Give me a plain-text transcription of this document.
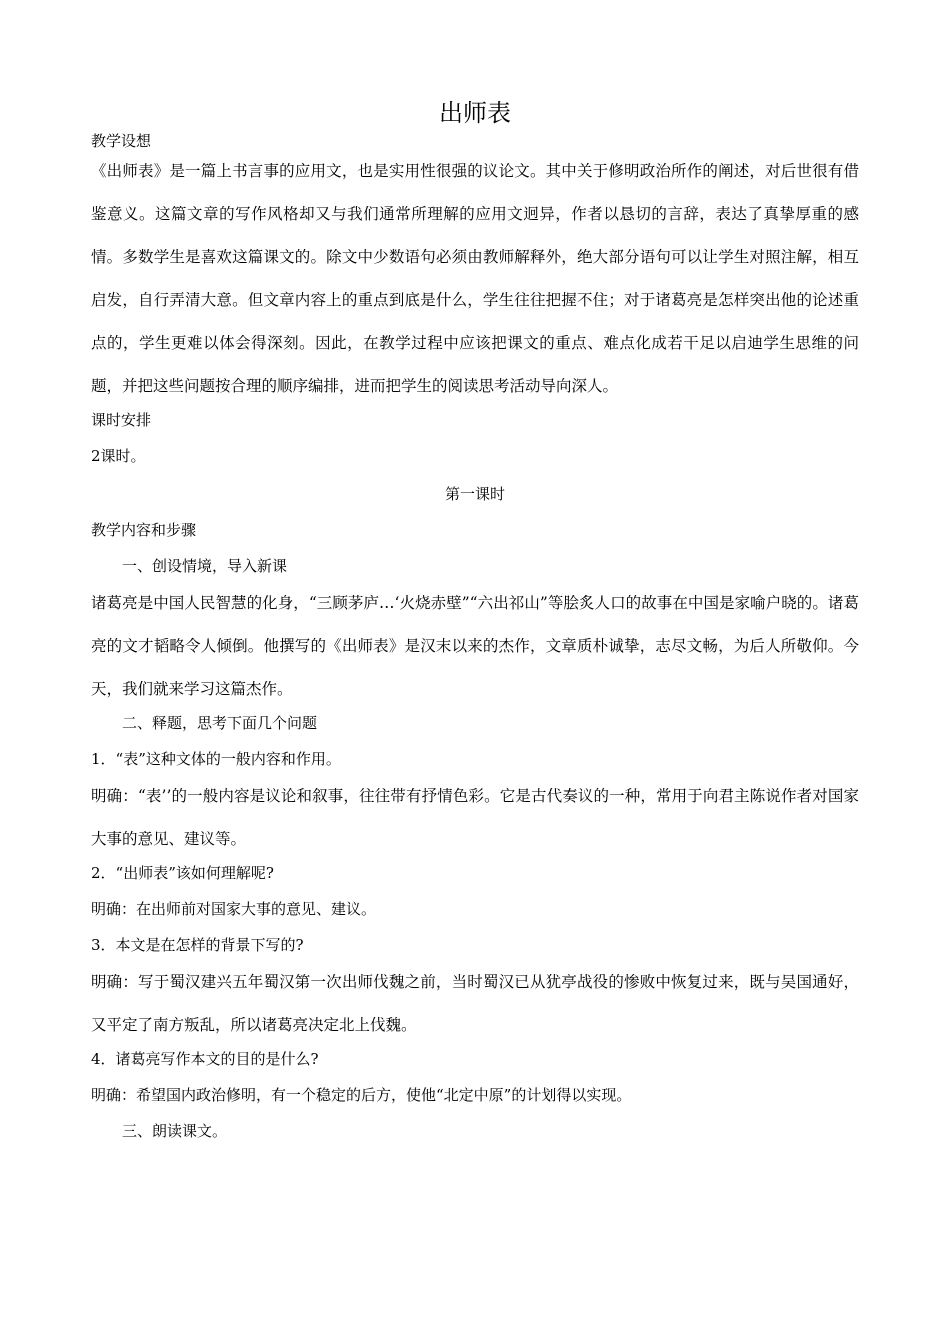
出师表

教学设想

《出师表》是一篇上书言事的应用文，也是实用性很强的议论文。其中关于修明政治所作的阐述，对后世很有借鉴意义。这篇文章的写作风格却又与我们通常所理解的应用文迥异，作者以恳切的言辞，表达了真挚厚重的感情。多数学生是喜欢这篇课文的。除文中少数语句必须由教师解释外，绝大部分语句可以让学生对照注解，相互启发，自行弄清大意。但文章内容上的重点到底是什么，学生往往把握不住；对于诸葛亮是怎样突出他的论述重点的，学生更难以体会得深刻。因此，在教学过程中应该把课文的重点、难点化成若干足以启迪学生思维的问题，并把这些问题按合理的顺序编排，进而把学生的阅读思考活动导向深人。

课时安排

2课时。

第一课时

教学内容和步骤

一、创设情境，导入新课

诸葛亮是中国人民智慧的化身，“三顾茅庐…‘火烧赤壁”“六出祁山”等脍炙人口的故事在中国是家喻户晓的。诸葛亮的文才韬略令人倾倒。他撰写的《出师表》是汉末以来的杰作，文章质朴诚挚，志尽文畅，为后人所敬仰。今天，我们就来学习这篇杰作。

二、释题，思考下面几个问题

1．“表”这种文体的一般内容和作用。

明确：“表’’的一般内容是议论和叙事，往往带有抒情色彩。它是古代奏议的一种，常用于向君主陈说作者对国家大事的意见、建议等。

2．“出师表”该如何理解呢?

明确：在出师前对国家大事的意见、建议。

3．本文是在怎样的背景下写的?

明确：写于蜀汉建兴五年蜀汉第一次出师伐魏之前，当时蜀汉已从犹亭战役的惨败中恢复过来，既与吴国通好，又平定了南方叛乱，所以诸葛亮决定北上伐魏。

4．诸葛亮写作本文的目的是什么?

明确：希望国内政治修明，有一个稳定的后方，使他“北定中原”的计划得以实现。

三、朗读课文。
